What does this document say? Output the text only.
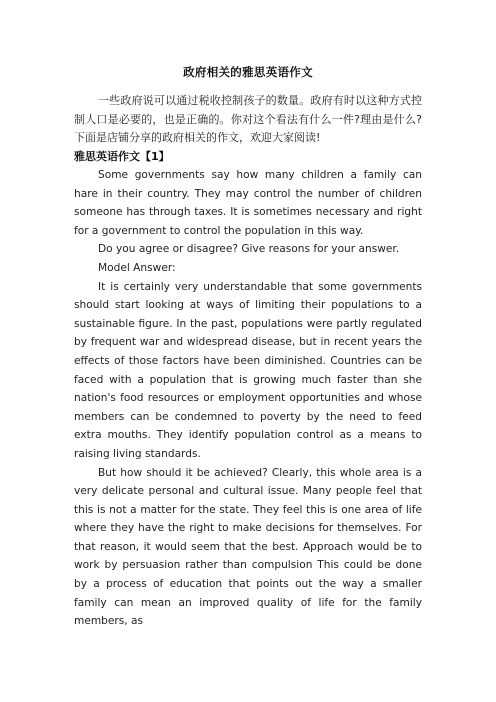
政府相关的雅思英语作文

一些政府说可以通过税收控制孩子的数量。政府有时以这种方式控制人口是必要的，也是正确的。你对这个看法有什么一件?理由是什么?下面是店铺分享的政府相关的作文，欢迎大家阅读!

雅思英语作文【1】

Some governments say how many children a family can hare in their country. They may control the number of children someone has through taxes. It is sometimes necessary and right for a government to control the population in this way.

Do you agree or disagree? Give reasons for your answer.

Model Answer:

It is certainly very understandable that some governments should start looking at ways of limiting their populations to a sustainable figure. In the past, populations were partly regulated by frequent war and widespread disease, but in recent years the effects of those factors have been diminished. Countries can be faced with a population that is growing much faster than she nation's food resources or employment opportunities and whose members can be condemned to poverty by the need to feed extra mouths. They identify population control as a means to raising living standards.

But how should it be achieved? Clearly, this whole area is a very delicate personal and cultural issue. Many people feel that this is not a matter for the state. They feel this is one area of life where they have the right to make decisions for themselves. For that reason, it would seem that the best. Approach would be to work by persuasion rather than compulsion This could be done by a process of education that points out the way a smaller family can mean an improved quality of life for the family members, as
